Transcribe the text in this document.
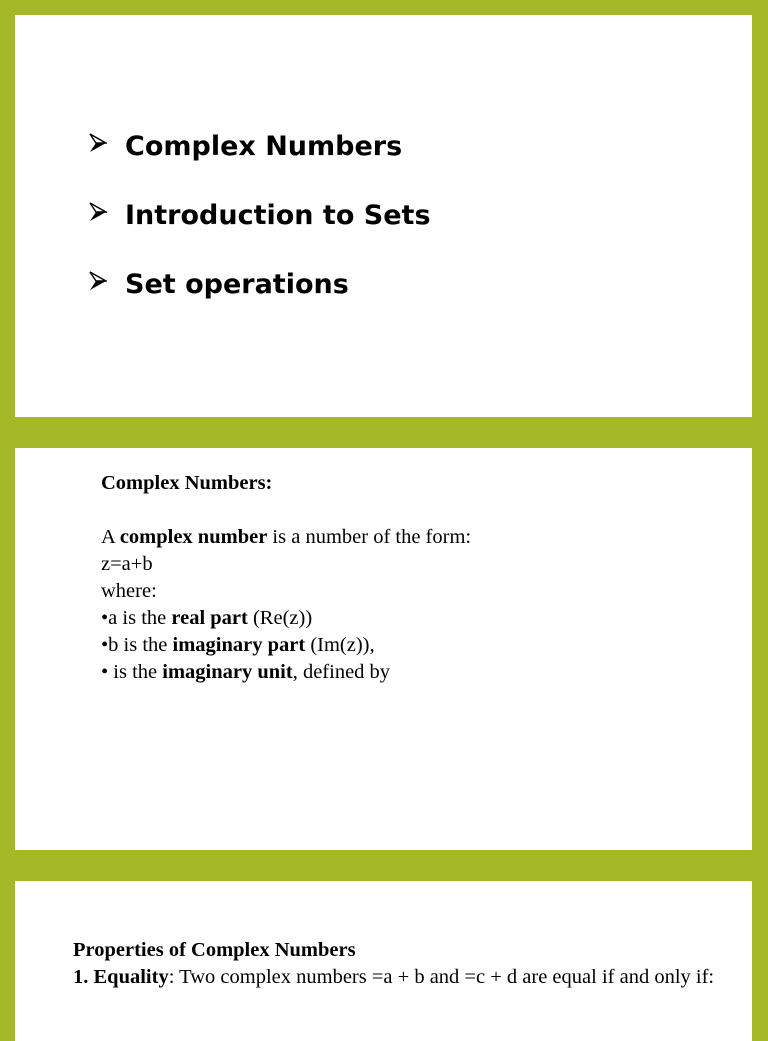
Complex Numbers
Introduction to Sets
Set operations

Complex Numbers:

A complex number is a number of the form:

z=a+b

where:

•a is the real part (Re(z))

•b is the imaginary part (Im(z)),

• is the imaginary unit, defined by

Properties of Complex Numbers

1. Equality: Two complex numbers =a + b and =c + d are equal if and only if:
